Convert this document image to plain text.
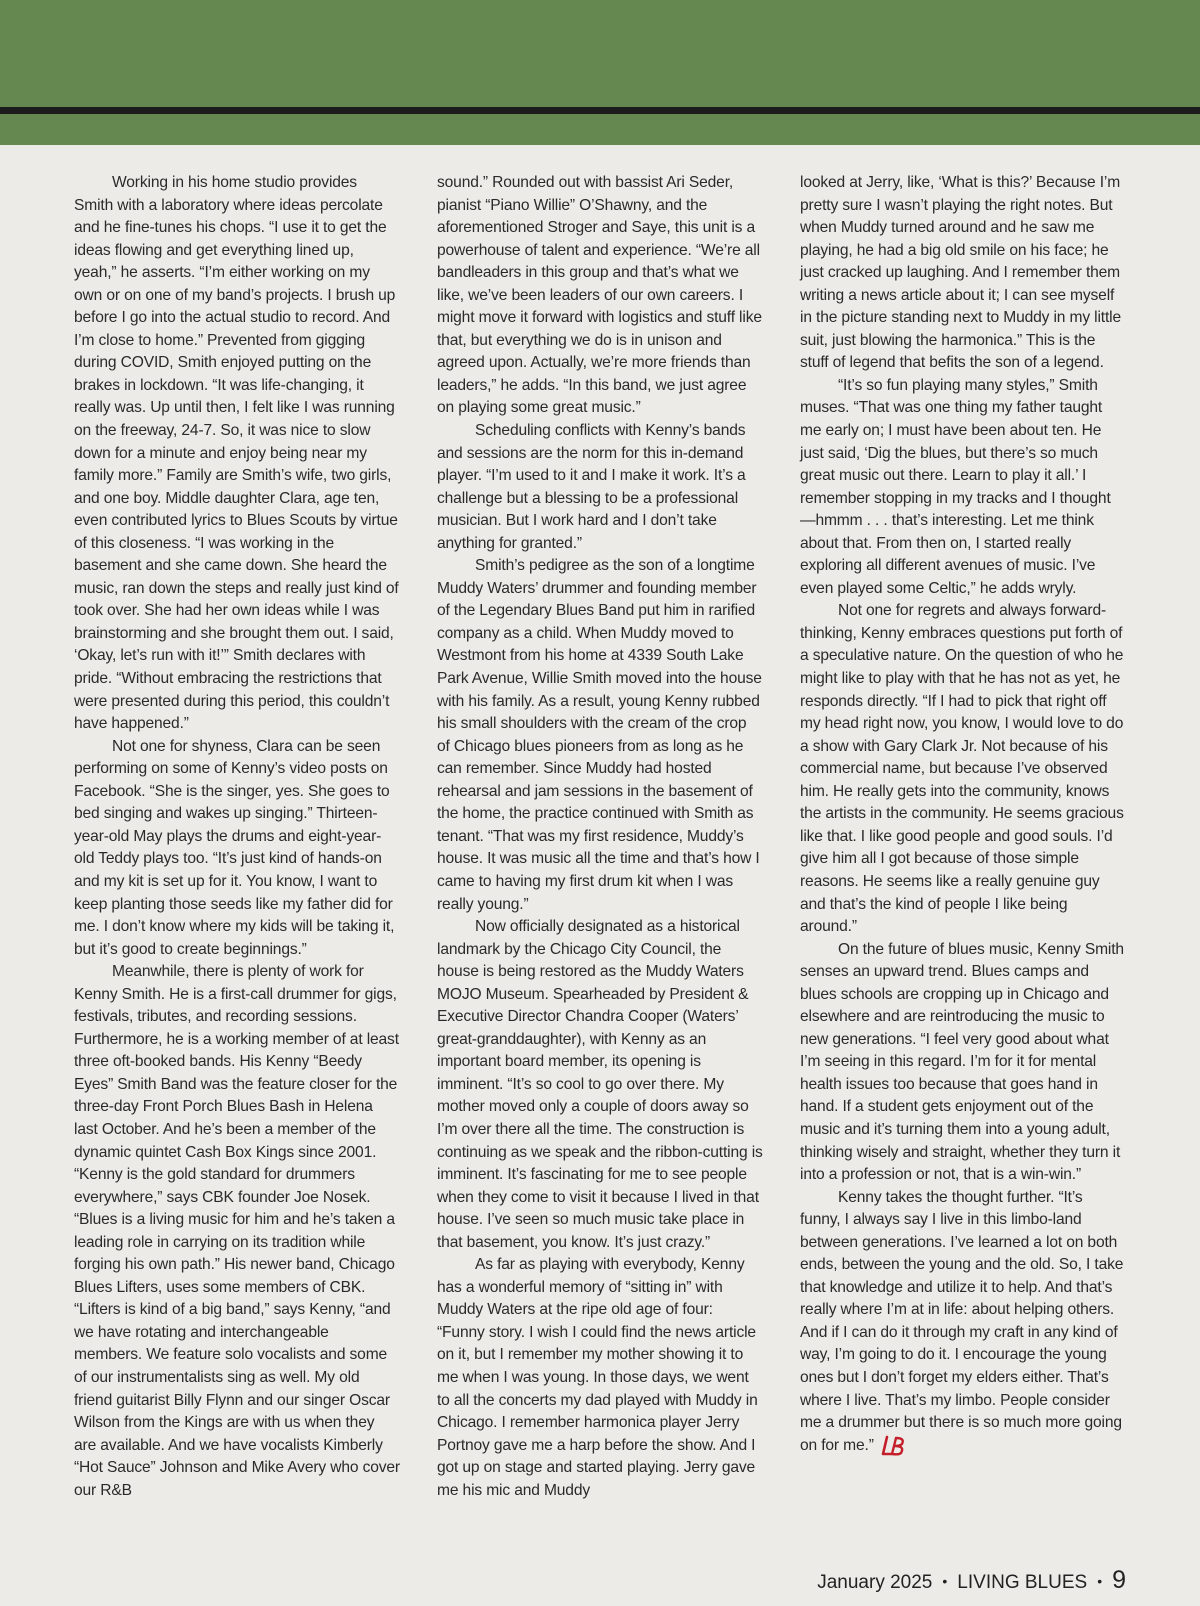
Working in his home studio provides Smith with a laboratory where ideas percolate and he fine-tunes his chops. “I use it to get the ideas flowing and get everything lined up, yeah,” he asserts. “I’m either working on my own or on one of my band’s projects. I brush up before I go into the actual studio to record. And I’m close to home.” Prevented from gigging during COVID, Smith enjoyed putting on the brakes in lockdown. “It was life-changing, it really was. Up until then, I felt like I was running on the freeway, 24-7. So, it was nice to slow down for a minute and enjoy being near my family more.” Family are Smith’s wife, two girls, and one boy. Middle daughter Clara, age ten, even contributed lyrics to Blues Scouts by virtue of this closeness. “I was working in the basement and she came down. She heard the music, ran down the steps and really just kind of took over. She had her own ideas while I was brainstorming and she brought them out. I said, ‘Okay, let’s run with it!’” Smith declares with pride. “Without embracing the restrictions that were presented during this period, this couldn’t have happened.”

Not one for shyness, Clara can be seen performing on some of Kenny’s video posts on Facebook. “She is the singer, yes. She goes to bed singing and wakes up singing.” Thirteen-year-old May plays the drums and eight-year-old Teddy plays too. “It’s just kind of hands-on and my kit is set up for it. You know, I want to keep planting those seeds like my father did for me. I don’t know where my kids will be taking it, but it’s good to create beginnings.”

Meanwhile, there is plenty of work for Kenny Smith. He is a first-call drummer for gigs, festivals, tributes, and recording sessions. Furthermore, he is a working member of at least three oft-booked bands. His Kenny “Beedy Eyes” Smith Band was the feature closer for the three-day Front Porch Blues Bash in Helena last October. And he’s been a member of the dynamic quintet Cash Box Kings since 2001. “Kenny is the gold standard for drummers everywhere,” says CBK founder Joe Nosek. “Blues is a living music for him and he’s taken a leading role in carrying on its tradition while forging his own path.” His newer band, Chicago Blues Lifters, uses some members of CBK. “Lifters is kind of a big band,” says Kenny, “and we have rotating and interchangeable members. We feature solo vocalists and some of our instrumentalists sing as well. My old friend guitarist Billy Flynn and our singer Oscar Wilson from the Kings are with us when they are available. And we have vocalists Kimberly “Hot Sauce” Johnson and Mike Avery who cover our R&B

sound.” Rounded out with bassist Ari Seder, pianist “Piano Willie” O’Shawny, and the aforementioned Stroger and Saye, this unit is a powerhouse of talent and experience. “We’re all bandleaders in this group and that’s what we like, we’ve been leaders of our own careers. I might move it forward with logistics and stuff like that, but everything we do is in unison and agreed upon. Actually, we’re more friends than leaders,” he adds. “In this band, we just agree on playing some great music.”

Scheduling conflicts with Kenny’s bands and sessions are the norm for this in-demand player. “I’m used to it and I make it work. It’s a challenge but a blessing to be a professional musician. But I work hard and I don’t take anything for granted.”

Smith’s pedigree as the son of a longtime Muddy Waters’ drummer and founding member of the Legendary Blues Band put him in rarified company as a child. When Muddy moved to Westmont from his home at 4339 South Lake Park Avenue, Willie Smith moved into the house with his family. As a result, young Kenny rubbed his small shoulders with the cream of the crop of Chicago blues pioneers from as long as he can remember. Since Muddy had hosted rehearsal and jam sessions in the basement of the home, the practice continued with Smith as tenant. “That was my first residence, Muddy’s house. It was music all the time and that’s how I came to having my first drum kit when I was really young.”

Now officially designated as a historical landmark by the Chicago City Council, the house is being restored as the Muddy Waters MOJO Museum. Spearheaded by President & Executive Director Chandra Cooper (Waters’ great-granddaughter), with Kenny as an important board member, its opening is imminent. “It’s so cool to go over there. My mother moved only a couple of doors away so I’m over there all the time. The construction is continuing as we speak and the ribbon-cutting is imminent. It’s fascinating for me to see people when they come to visit it because I lived in that house. I’ve seen so much music take place in that basement, you know. It’s just crazy.”

As far as playing with everybody, Kenny has a wonderful memory of “sitting in” with Muddy Waters at the ripe old age of four: “Funny story. I wish I could find the news article on it, but I remember my mother showing it to me when I was young. In those days, we went to all the concerts my dad played with Muddy in Chicago. I remember harmonica player Jerry Portnoy gave me a harp before the show. And I got up on stage and started playing. Jerry gave me his mic and Muddy

looked at Jerry, like, ‘What is this?’ Because I’m pretty sure I wasn’t playing the right notes. But when Muddy turned around and he saw me playing, he had a big old smile on his face; he just cracked up laughing. And I remember them writing a news article about it; I can see myself in the picture standing next to Muddy in my little suit, just blowing the harmonica.” This is the stuff of legend that befits the son of a legend.

“It’s so fun playing many styles,” Smith muses. “That was one thing my father taught me early on; I must have been about ten. He just said, ‘Dig the blues, but there’s so much great music out there. Learn to play it all.’ I remember stopping in my tracks and I thought—hmmm . . . that’s interesting. Let me think about that. From then on, I started really exploring all different avenues of music. I’ve even played some Celtic,” he adds wryly.

Not one for regrets and always forward-thinking, Kenny embraces questions put forth of a speculative nature. On the question of who he might like to play with that he has not as yet, he responds directly. “If I had to pick that right off my head right now, you know, I would love to do a show with Gary Clark Jr. Not because of his commercial name, but because I’ve observed him. He really gets into the community, knows the artists in the community. He seems gracious like that. I like good people and good souls. I’d give him all I got because of those simple reasons. He seems like a really genuine guy and that’s the kind of people I like being around.”

On the future of blues music, Kenny Smith senses an upward trend. Blues camps and blues schools are cropping up in Chicago and elsewhere and are reintroducing the music to new generations. “I feel very good about what I’m seeing in this regard. I’m for it for mental health issues too because that goes hand in hand. If a student gets enjoyment out of the music and it’s turning them into a young adult, thinking wisely and straight, whether they turn it into a profession or not, that is a win-win.”

Kenny takes the thought further. “It’s funny, I always say I live in this limbo-land between generations. I’ve learned a lot on both ends, between the young and the old. So, I take that knowledge and utilize it to help. And that’s really where I’m at in life: about helping others. And if I can do it through my craft in any kind of way, I’m going to do it. I encourage the young ones but I don’t forget my elders either. That’s where I live. That’s my limbo. People consider me a drummer but there is so much more going on for me.”

January 2025 • LIVING BLUES • 9
